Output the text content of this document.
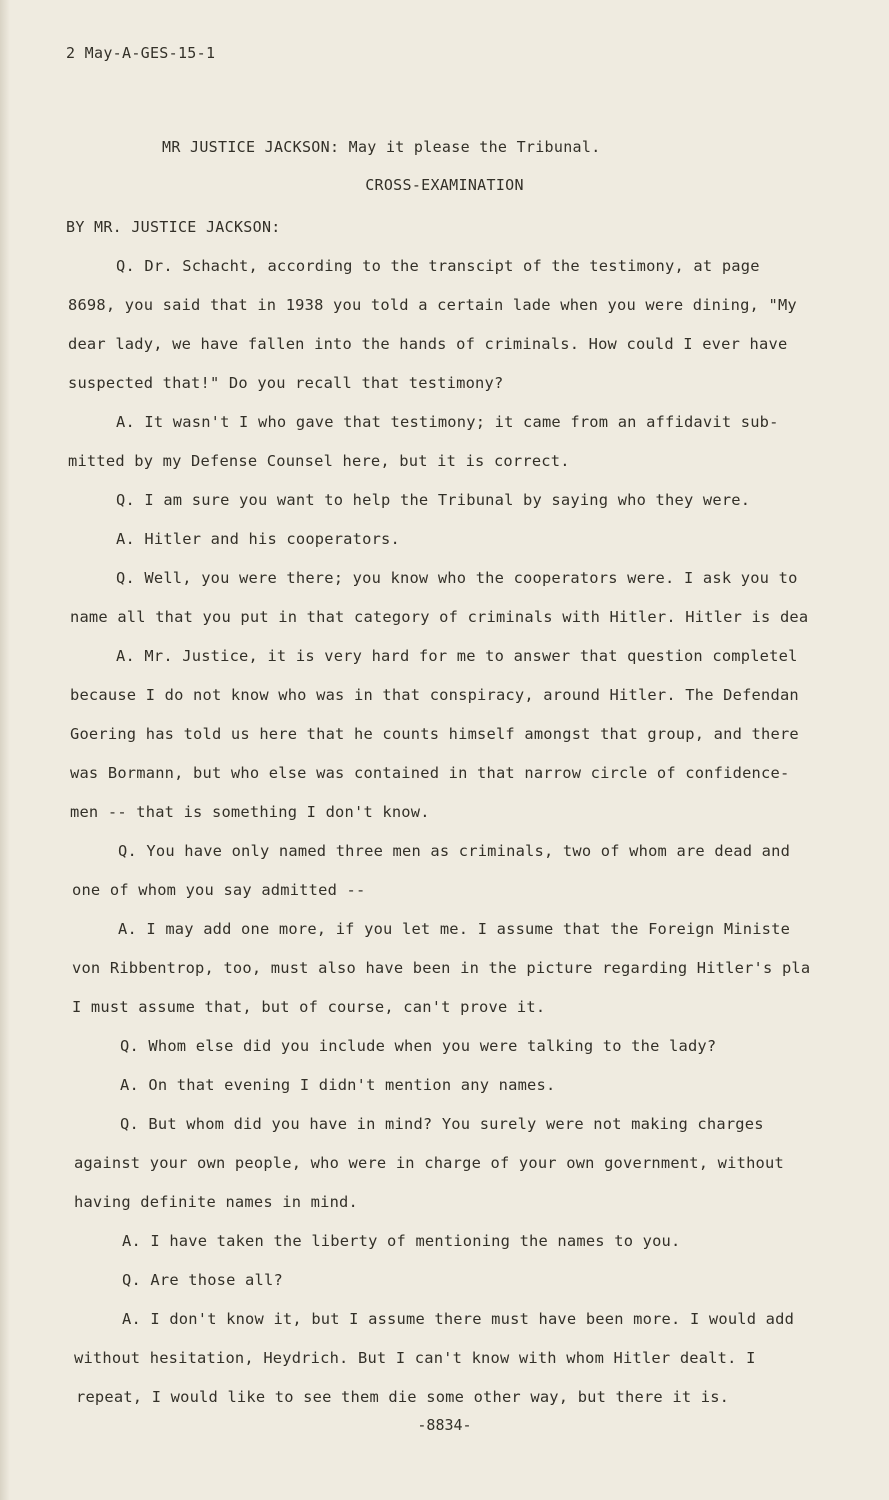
2 May-A-GES-15-1
MR JUSTICE JACKSON: May it please the Tribunal.
CROSS-EXAMINATION
BY MR. JUSTICE JACKSON:
Q. Dr. Schacht, according to the transcipt of the testimony, at page
8698, you said that in 1938 you told a certain lade when you were dining, "My
dear lady, we have fallen into the hands of criminals. How could I ever have
suspected that!" Do you recall that testimony?
A. It wasn't I who gave that testimony; it came from an affidavit sub-
mitted by my Defense Counsel here, but it is correct.
Q. I am sure you want to help the Tribunal by saying who they were.
A. Hitler and his cooperators.
Q. Well, you were there; you know who the cooperators were. I ask you to
name all that you put in that category of criminals with Hitler. Hitler is dea
A. Mr. Justice, it is very hard for me to answer that question completel
because I do not know who was in that conspiracy, around Hitler. The Defendan
Goering has told us here that he counts himself amongst that group, and there
was Bormann, but who else was contained in that narrow circle of confidence-
men -- that is something I don't know.
Q. You have only named three men as criminals, two of whom are dead and
one of whom you say admitted --
A. I may add one more, if you let me. I assume that the Foreign Ministe
von Ribbentrop, too, must also have been in the picture regarding Hitler's pla
I must assume that, but of course, can't prove it.
Q. Whom else did you include when you were talking to the lady?
A. On that evening I didn't mention any names.
Q. But whom did you have in mind? You surely were not making charges
against your own people, who were in charge of your own government, without
having definite names in mind.
A. I have taken the liberty of mentioning the names to you.
Q. Are those all?
A. I don't know it, but I assume there must have been more. I would add
without hesitation, Heydrich. But I can't know with whom Hitler dealt. I
repeat, I would like to see them die some other way, but there it is.
-8834-
